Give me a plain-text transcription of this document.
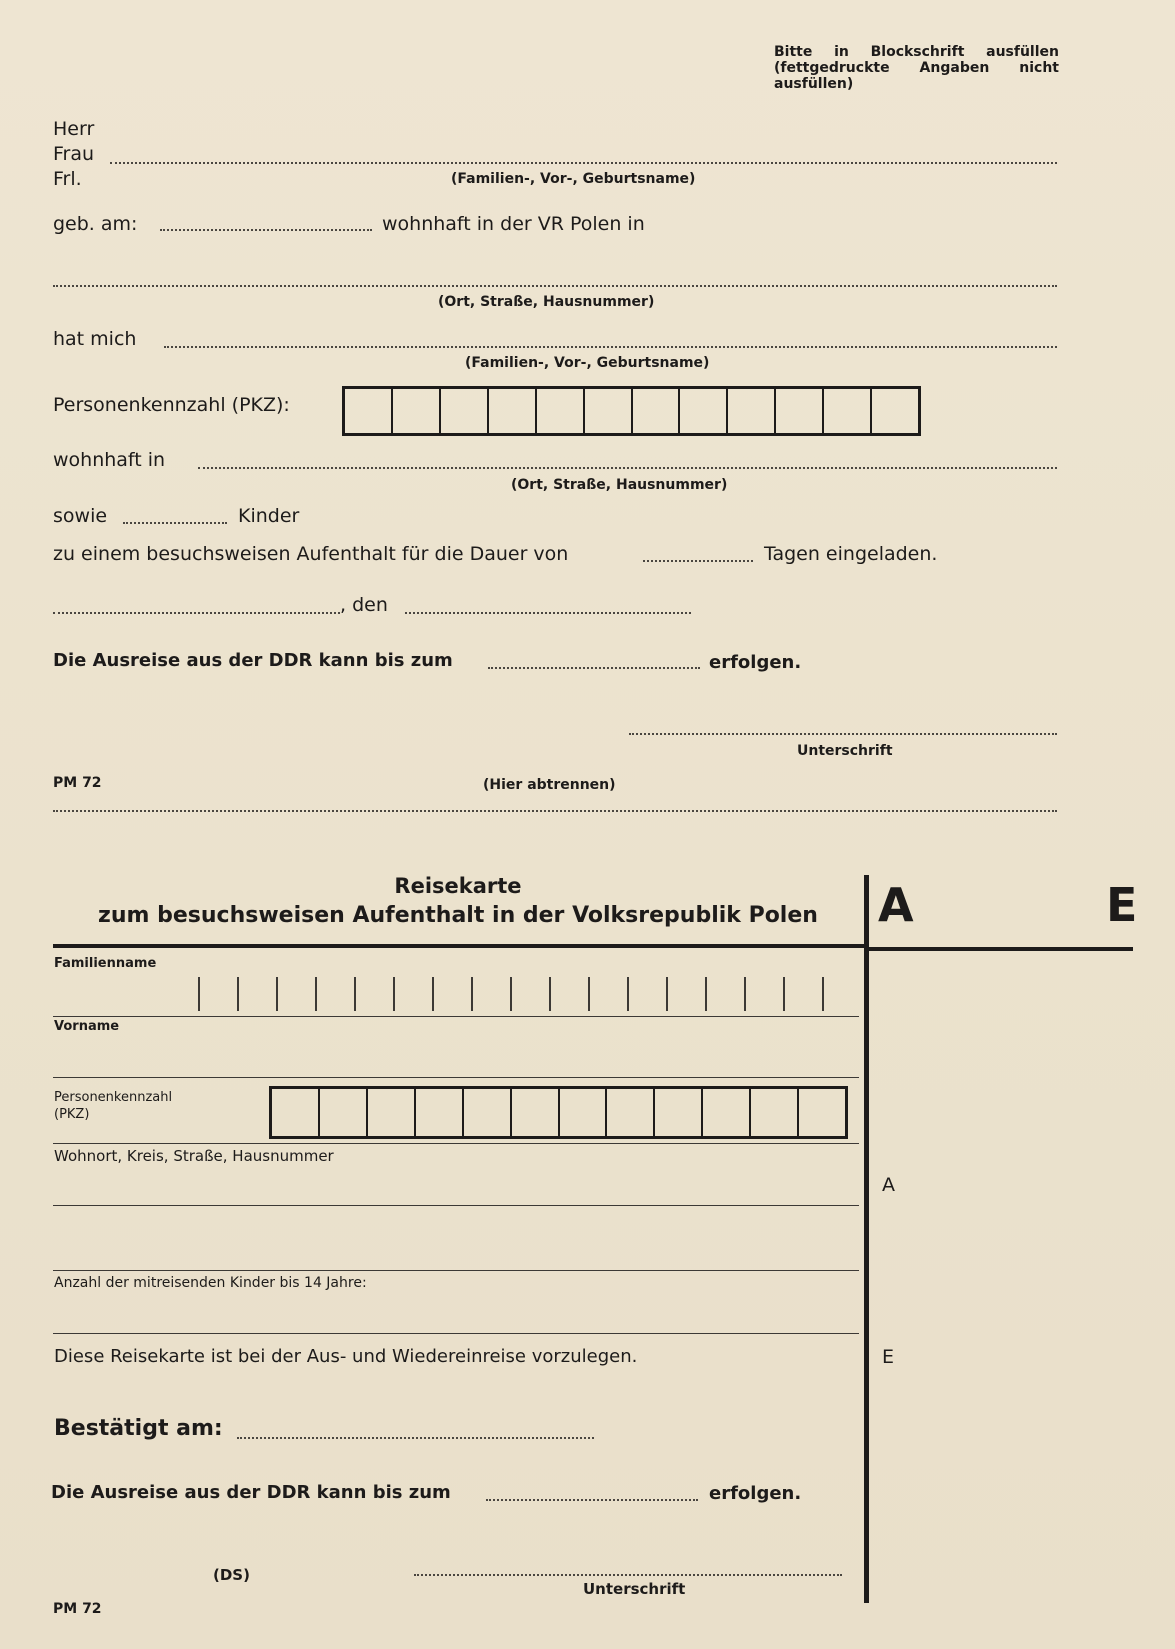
Bitte in Blockschrift ausfüllen
(fettgedruckte Angaben nicht
ausfüllen)
Herr
Frau
Frl.	(Familien-, Vor-, Geburtsname)
geb. am:	wohnhaft in der VR Polen in
(Ort, Straße, Hausnummer)
hat mich
(Familien-, Vor-, Geburtsname)
Personenkennzahl (PKZ):
wohnhaft in
(Ort, Straße, Hausnummer)
sowie	Kinder
zu einem besuchsweisen Aufenthalt für die Dauer von	Tagen eingeladen.
, den
Die Ausreise aus der DDR kann bis zum	erfolgen.
Unterschrift
PM 72	(Hier abtrennen)
Reisekarte
zum besuchsweisen Aufenthalt in der Volksrepublik Polen A	E
Familienname
Vorname
Personenkennzahl
(PKZ)
Wohnort, Kreis, Straße, Hausnummer
Anzahl der mitreisenden Kinder bis 14 Jahre:
Diese Reisekarte ist bei der Aus- und Wiedereinreise vorzulegen.
Bestätigt am:
Die Ausreise aus der DDR kann bis zum	erfolgen.
(DS)
Unterschrift
PM 72
A
E
